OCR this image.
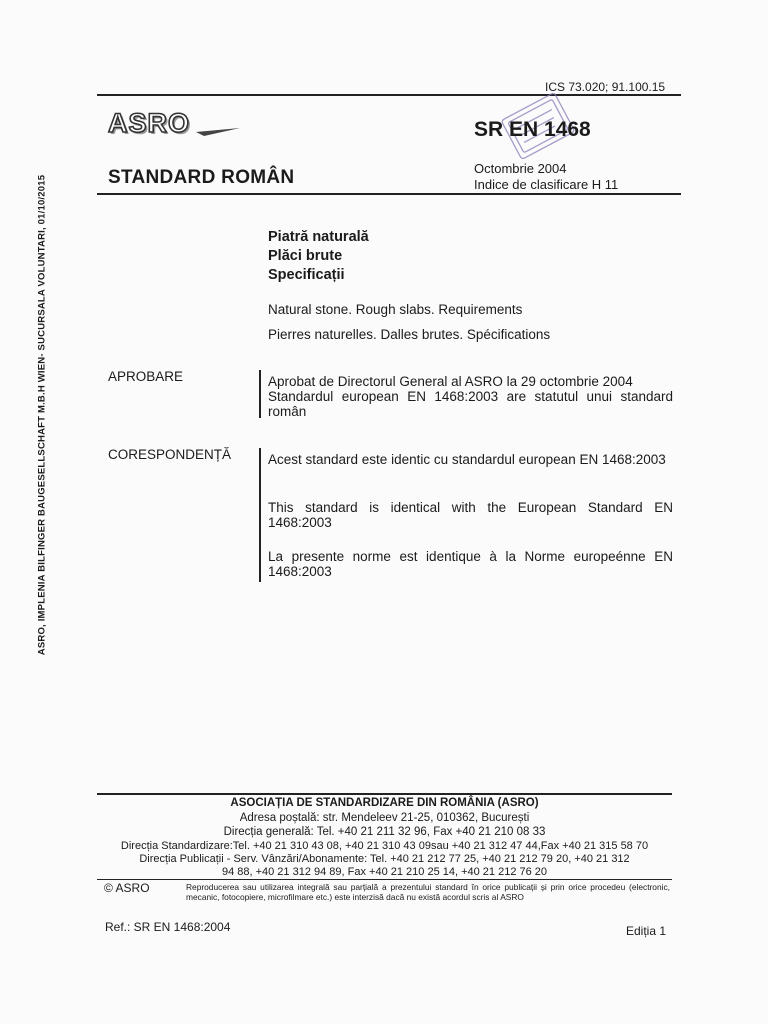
ASRO, IMPLENIA BILFINGER BAUGESELLSCHAFT M.B.H WIEN- SUCURSALA VOLUNTARI, 01/10/2015
ICS 73.020; 91.100.15
ASRO	SR EN 1468
STANDARD ROMÂN	Octombrie 2004
Indice de clasificare H 11
Piatră naturală
Plăci brute
Specificații
Natural stone. Rough slabs. Requirements
Pierres naturelles. Dalles brutes. Spécifications
APROBARE	Aprobat de Directorul General al ASRO la 29 octombrie 2004
Standardul european EN 1468:2003 are statutul unui standard român
CORESPONDENȚĂ	Acest standard este identic cu standardul european EN 1468:2003
This standard is identical with the European Standard EN 1468:2003
La presente norme est identique à la Norme europeénne EN 1468:2003
ASOCIAȚIA DE STANDARDIZARE DIN ROMÂNIA (ASRO)
Adresa poștală: str. Mendeleev 21-25, 010362, București
Direcția generală: Tel. +40 21 211 32 96, Fax +40 21 210 08 33
Direcția Standardizare:Tel. +40 21 310 43 08, +40 21 310 43 09sau +40 21 312 47 44,Fax +40 21 315 58 70
Direcția Publicații - Serv. Vânzări/Abonamente: Tel. +40 21 212 77 25, +40 21 212 79 20, +40 21 312
94 88, +40 21 312 94 89, Fax +40 21 210 25 14, +40 21 212 76 20
© ASRO	Reproducerea sau utilizarea integrală sau parțială a prezentului standard în orice publicații și prin orice procedeu (electronic, mecanic, fotocopiere, microfilmare etc.) este interzisă dacă nu există acordul scris al ASRO
Ref.: SR EN 1468:2004	Ediția 1
